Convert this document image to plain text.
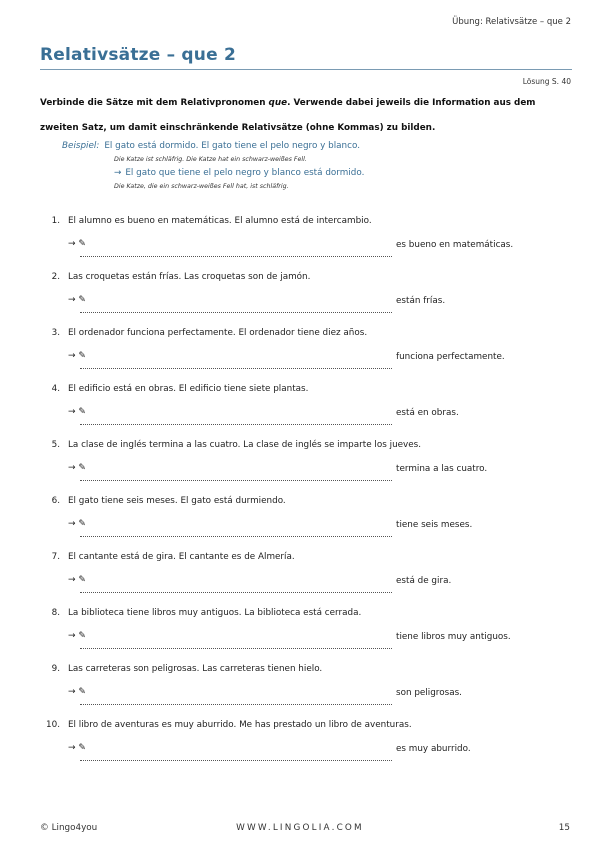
Übung: Relativsätze – que 2
Relativsätze – que 2
Lösung S. 40
Verbinde die Sätze mit dem Relativpronomen que. Verwende dabei jeweils die Information aus dem zweiten Satz, um damit einschränkende Relativsätze (ohne Kommas) zu bilden.
Beispiel: El gato está dormido. El gato tiene el pelo negro y blanco.
Die Katze ist schläfrig. Die Katze hat ein schwarz-weißes Fell.
→ El gato que tiene el pelo negro y blanco está dormido.
Die Katze, die ein schwarz-weißes Fell hat, ist schläfrig.
1. El alumno es bueno en matemáticas. El alumno está de intercambio.
→ ✎	es bueno en matemáticas.
2. Las croquetas están frías. Las croquetas son de jamón.
→ ✎	están frías.
3. El ordenador funciona perfectamente. El ordenador tiene diez años.
→ ✎	funciona perfectamente.
4. El edificio está en obras. El edificio tiene siete plantas.
→ ✎	está en obras.
5. La clase de inglés termina a las cuatro. La clase de inglés se imparte los jueves.
→ ✎	termina a las cuatro.
6. El gato tiene seis meses. El gato está durmiendo.
→ ✎	tiene seis meses.
7. El cantante está de gira. El cantante es de Almería.
→ ✎	está de gira.
8. La biblioteca tiene libros muy antiguos. La biblioteca está cerrada.
→ ✎	tiene libros muy antiguos.
9. Las carreteras son peligrosas. Las carreteras tienen hielo.
→ ✎	son peligrosas.
10. El libro de aventuras es muy aburrido. Me has prestado un libro de aventuras.
→ ✎	es muy aburrido.
© Lingo4you	WWW.LINGOLIA.COM	15
